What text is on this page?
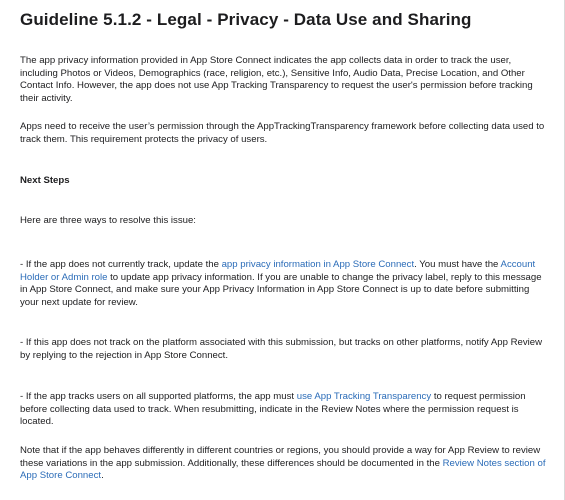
Guideline 5.1.2 - Legal - Privacy - Data Use and Sharing

The app privacy information provided in App Store Connect indicates the app collects data in order to track the user, including Photos or Videos, Demographics (race, religion, etc.), Sensitive Info, Audio Data, Precise Location, and Other Contact Info. However, the app does not use App Tracking Transparency to request the user's permission before tracking their activity.

Apps need to receive the user’s permission through the AppTrackingTransparency framework before collecting data used to track them. This requirement protects the privacy of users.

Next Steps

Here are three ways to resolve this issue:

- If the app does not currently track, update the app privacy information in App Store Connect. You must have the Account Holder or Admin role to update app privacy information. If you are unable to change the privacy label, reply to this message in App Store Connect, and make sure your App Privacy Information in App Store Connect is up to date before submitting your next update for review.

- If this app does not track on the platform associated with this submission, but tracks on other platforms, notify App Review by replying to the rejection in App Store Connect.

- If the app tracks users on all supported platforms, the app must use App Tracking Transparency to request permission before collecting data used to track. When resubmitting, indicate in the Review Notes where the permission request is located.

Note that if the app behaves differently in different countries or regions, you should provide a way for App Review to review these variations in the app submission. Additionally, these differences should be documented in the Review Notes section of App Store Connect.
